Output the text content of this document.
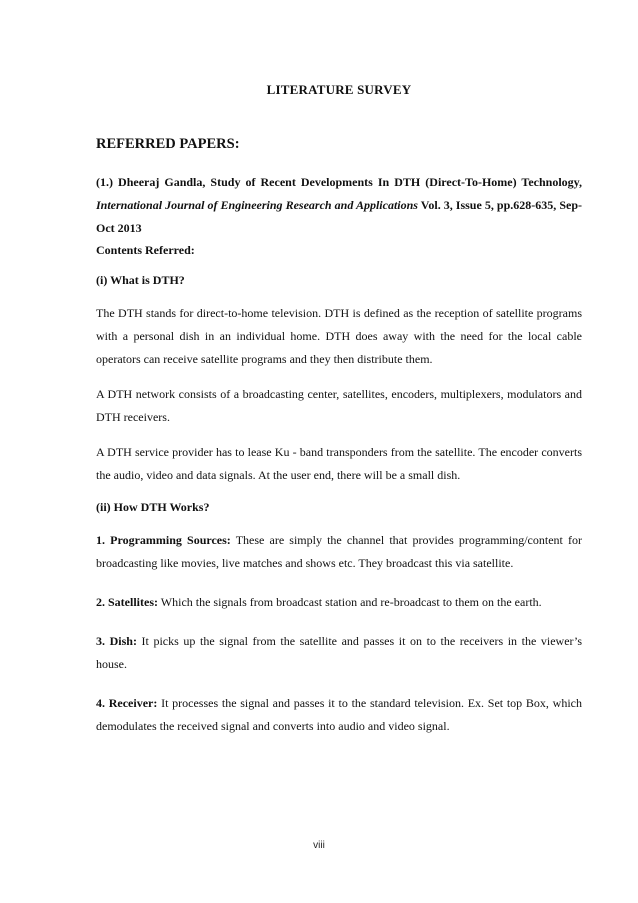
LITERATURE SURVEY

REFERRED PAPERS:

(1.) Dheeraj Gandla, Study of Recent Developments In DTH (Direct-To-Home) Technology, International Journal of Engineering Research and Applications Vol. 3, Issue 5, pp.628-635, Sep-Oct 2013

Contents Referred:

(i) What is DTH?

The DTH stands for direct-to-home television. DTH is defined as the reception of satellite programs with a personal dish in an individual home. DTH does away with the need for the local cable operators can receive satellite programs and they then distribute them.

A DTH network consists of a broadcasting center, satellites, encoders, multiplexers, modulators and DTH receivers.

A DTH service provider has to lease Ku - band transponders from the satellite. The encoder converts the audio, video and data signals. At the user end, there will be a small dish.

(ii) How DTH Works?

1. Programming Sources: These are simply the channel that provides programming/content for broadcasting like movies, live matches and shows etc. They broadcast this via satellite.

2. Satellites: Which the signals from broadcast station and re-broadcast to them on the earth.

3. Dish: It picks up the signal from the satellite and passes it on to the receivers in the viewer’s house.

4. Receiver: It processes the signal and passes it to the standard television. Ex. Set top Box, which demodulates the received signal and converts into audio and video signal.

viii
